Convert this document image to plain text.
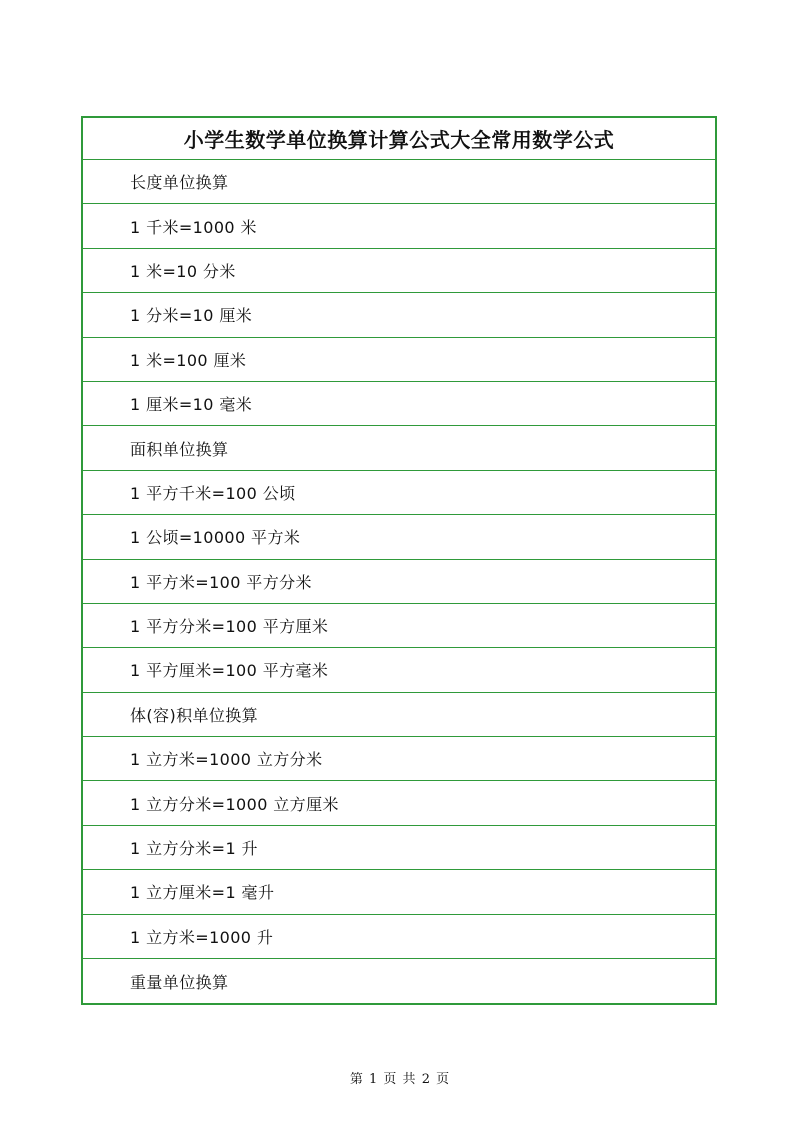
小学生数学单位换算计算公式大全常用数学公式
长度单位换算
1 千米=1000 米
1 米=10 分米
1 分米=10 厘米
1 米=100 厘米
1 厘米=10 毫米
面积单位换算
1 平方千米=100 公顷
1 公顷=10000 平方米
1 平方米=100 平方分米
1 平方分米=100 平方厘米
1 平方厘米=100 平方毫米
体(容)积单位换算
1 立方米=1000 立方分米
1 立方分米=1000 立方厘米
1 立方分米=1 升
1 立方厘米=1 毫升
1 立方米=1000 升
重量单位换算
第 1 页 共 2 页
